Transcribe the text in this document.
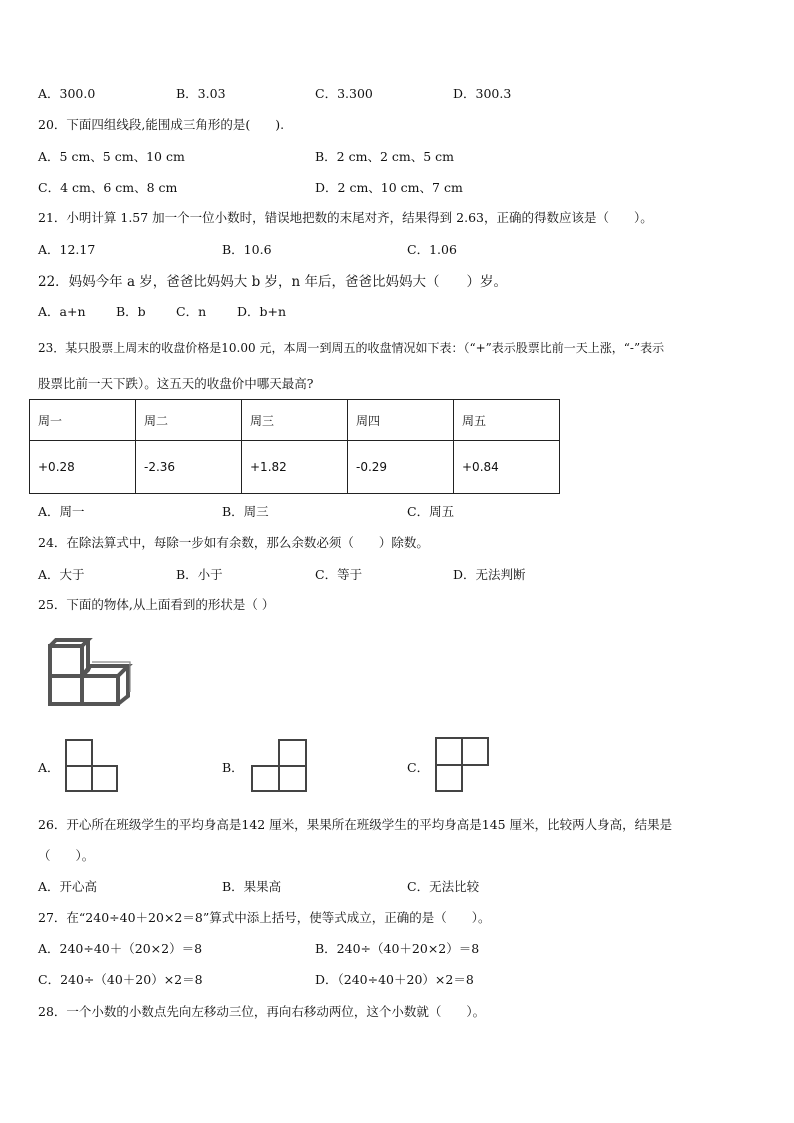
A．300.0	B．3.03	C．3.300	D．300.3
20．下面四组线段,能围成三角形的是(　　).
A．5 cm、5 cm、10 cm	B．2 cm、2 cm、5 cm
C．4 cm、6 cm、8 cm	D．2 cm、10 cm、7 cm
21．小明计算 1.57 加一个一位小数时，错误地把数的末尾对齐，结果得到 2.63，正确的得数应该是（　　）。
A．12.17	B．10.6	C．1.06
22．妈妈今年 a 岁，爸爸比妈妈大 b 岁，n 年后，爸爸比妈妈大（　　）岁。
A．a+n B．b C．n D．b+n
23．某只股票上周末的收盘价格是10.00 元，本周一到周五的收盘情况如下表：（“+”表示股票比前一天上涨，“-”表示
股票比前一天下跌）。这五天的收盘价中哪天最高?
周一	周二	周三	周四	周五
+0.28	-2.36	+1.82	-0.29	+0.84
A．周一	B．周三	C．周五
24．在除法算式中，每除一步如有余数，那么余数必须（　　）除数。
A．大于	B．小于	C．等于	D．无法判断
25．下面的物体,从上面看到的形状是（ ）
A．	B．	C．
26．开心所在班级学生的平均身高是142 厘米，果果所在班级学生的平均身高是145 厘米，比较两人身高，结果是
（　　）。
A．开心高	B．果果高	C．无法比较
27．在“240÷40＋20×2＝8”算式中添上括号，使等式成立，正确的是（　　）。
A．240÷40＋（20×2）＝8	B．240÷（40＋20×2）＝8
C．240÷（40＋20）×2＝8	D．（240÷40＋20）×2＝8
28．一个小数的小数点先向左移动三位，再向右移动两位，这个小数就（　　）。
